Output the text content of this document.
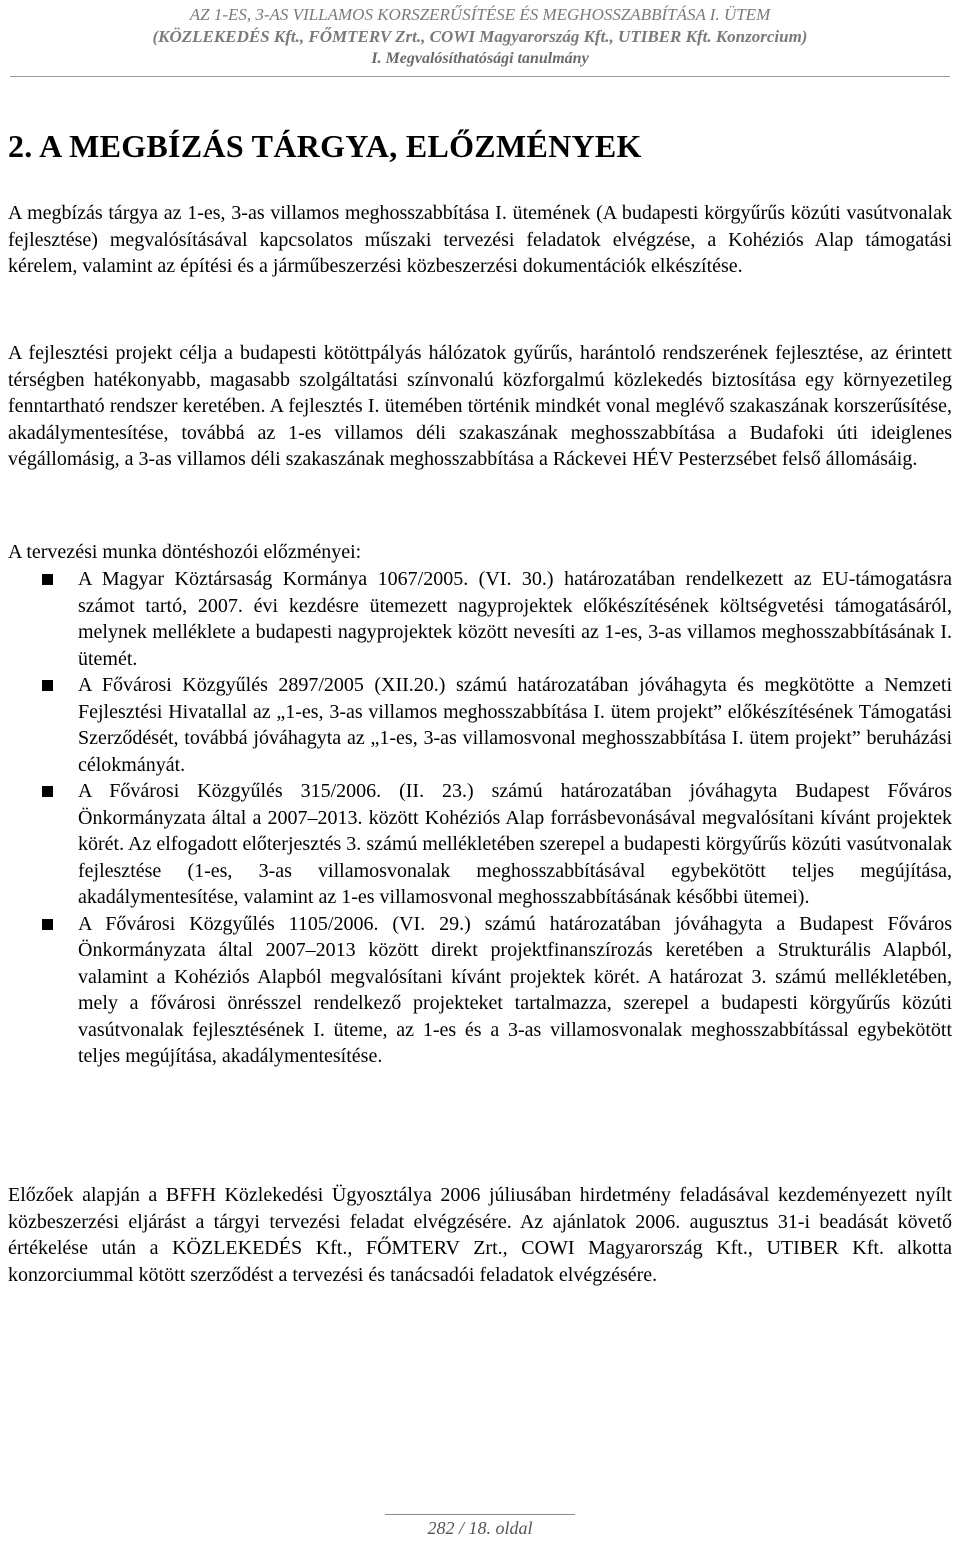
AZ 1-ES, 3-AS VILLAMOS KORSZERŰSÍTÉSE ÉS MEGHOSSZABBÍTÁSA I. ÜTEM
(KÖZLEKEDÉS Kft., FŐMTERV Zrt., COWI Magyarország Kft., UTIBER Kft. Konzorcium)
I. Megvalósíthatósági tanulmány
2. A MEGBÍZÁS TÁRGYA, ELŐZMÉNYEK

A megbízás tárgya az 1-es, 3-as villamos meghosszabbítása I. ütemének (A budapesti körgyűrűs közúti vasútvonalak fejlesztése) megvalósításával kapcsolatos műszaki tervezési feladatok elvégzése, a Kohéziós Alap támogatási kérelem, valamint az építési és a járműbeszerzési közbeszerzési dokumentációk elkészítése.

A fejlesztési projekt célja a budapesti kötöttpályás hálózatok gyűrűs, harántoló rendszerének fejlesztése, az érintett térségben hatékonyabb, magasabb szolgáltatási színvonalú közforgalmú közlekedés biztosítása egy környezetileg fenntartható rendszer keretében. A fejlesztés I. ütemében történik mindkét vonal meglévő szakaszának korszerűsítése, akadálymentesítése, továbbá az 1-es villamos déli szakaszának meghosszabbítása a Budafoki úti ideiglenes végállomásig, a 3-as villamos déli szakaszának meghosszabbítása a Ráckevei HÉV Pesterzsébet felső állomásáig.

A tervezési munka döntéshozói előzményei:

A Magyar Köztársaság Kormánya 1067/2005. (VI. 30.) határozatában rendelkezett az EU-támogatásra számot tartó, 2007. évi kezdésre ütemezett nagyprojektek előkészítésének költségvetési támogatásáról, melynek melléklete a budapesti nagyprojektek között nevesíti az 1-es, 3-as villamos meghosszabbításának I. ütemét.
A Fővárosi Közgyűlés 2897/2005 (XII.20.) számú határozatában jóváhagyta és megkötötte a Nemzeti Fejlesztési Hivatallal az „1-es, 3-as villamos meghosszabbítása I. ütem projekt” előkészítésének Támogatási Szerződését, továbbá jóváhagyta az „1-es, 3-as villamosvonal meghosszabbítása I. ütem projekt” beruházási célokmányát.
A Fővárosi Közgyűlés 315/2006. (II. 23.) számú határozatában jóváhagyta Budapest Főváros Önkormányzata által a 2007–2013. között Kohéziós Alap forrásbevonásával megvalósítani kívánt projektek körét. Az elfogadott előterjesztés 3. számú mellékletében szerepel a budapesti körgyűrűs közúti vasútvonalak fejlesztése (1-es, 3-as villamosvonalak meghosszabbításával egybekötött teljes megújítása, akadálymentesítése, valamint az 1-es villamosvonal meghosszabbításának későbbi ütemei).
A Fővárosi Közgyűlés 1105/2006. (VI. 29.) számú határozatában jóváhagyta a Budapest Főváros Önkormányzata által 2007–2013 között direkt projektfinanszírozás keretében a Strukturális Alapból, valamint a Kohéziós Alapból megvalósítani kívánt projektek körét. A határozat 3. számú mellékletében, mely a fővárosi önrésszel rendelkező projekteket tartalmazza, szerepel a budapesti körgyűrűs közúti vasútvonalak fejlesztésének I. üteme, az 1-es és a 3-as villamosvonalak meghosszabbítással egybekötött teljes megújítása, akadálymentesítése.

Előzőek alapján a BFFH Közlekedési Ügyosztálya 2006 júliusában hirdetmény feladásával kezdeményezett nyílt közbeszerzési eljárást a tárgyi tervezési feladat elvégzésére. Az ajánlatok 2006. augusztus 31-i beadását követő értékelése után a KÖZLEKEDÉS Kft., FŐMTERV Zrt., COWI Magyarország Kft., UTIBER Kft. alkotta konzorciummal kötött szerződést a tervezési és tanácsadói feladatok elvégzésére.

282 / 18. oldal
